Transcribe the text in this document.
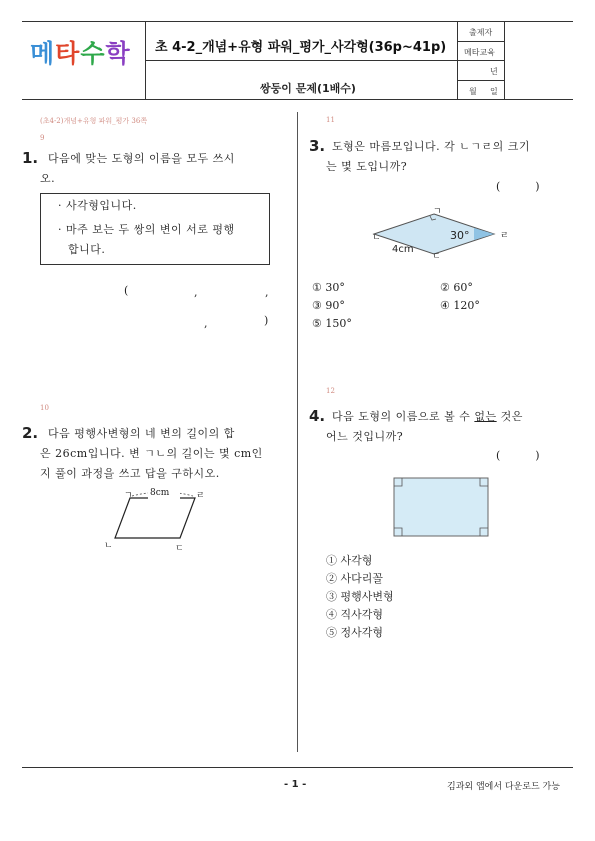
메타수학	초 4-2_개념+유형 파워_평가_사각형(36p~41p)
쌍둥이 문제(1배수)
출제자
메타교육
년
월 일
(초4-2)개념+유형 파워_평가 36쪽
9
1. 다음에 맞는 도형의 이름을 모두 쓰시
오.
· 사각형입니다.
· 마주 보는 두 쌍의 변이 서로 평행
합니다.
(	,	,
,	)
10
2. 다음 평행사변형의 네 변의 길이의 합
은 26cm입니다. 변 ㄱㄴ의 길이는 몇 cm인
지 풀이 과정을 쓰고 답을 구하시오.
ㄱ 8cm	ㄹ
ㄴ	ㄷ
11
3. 도형은 마름모입니다. 각 ㄴㄱㄹ의 크기
는 몇 도입니까?
(          )
ㄱ
ㄴ
ㄷ
ㄹ
30°
4cm
① 30°	② 60°
③ 90°	④ 120°
⑤ 150°
12
4. 다음 도형의 이름으로 볼 수 없는 것은
어느 것입니까?
(          )
① 사각형
② 사다리꼴
③ 평행사변형
④ 직사각형
⑤ 정사각형
- 1 -	김과외 앱에서 다운로드 가능
